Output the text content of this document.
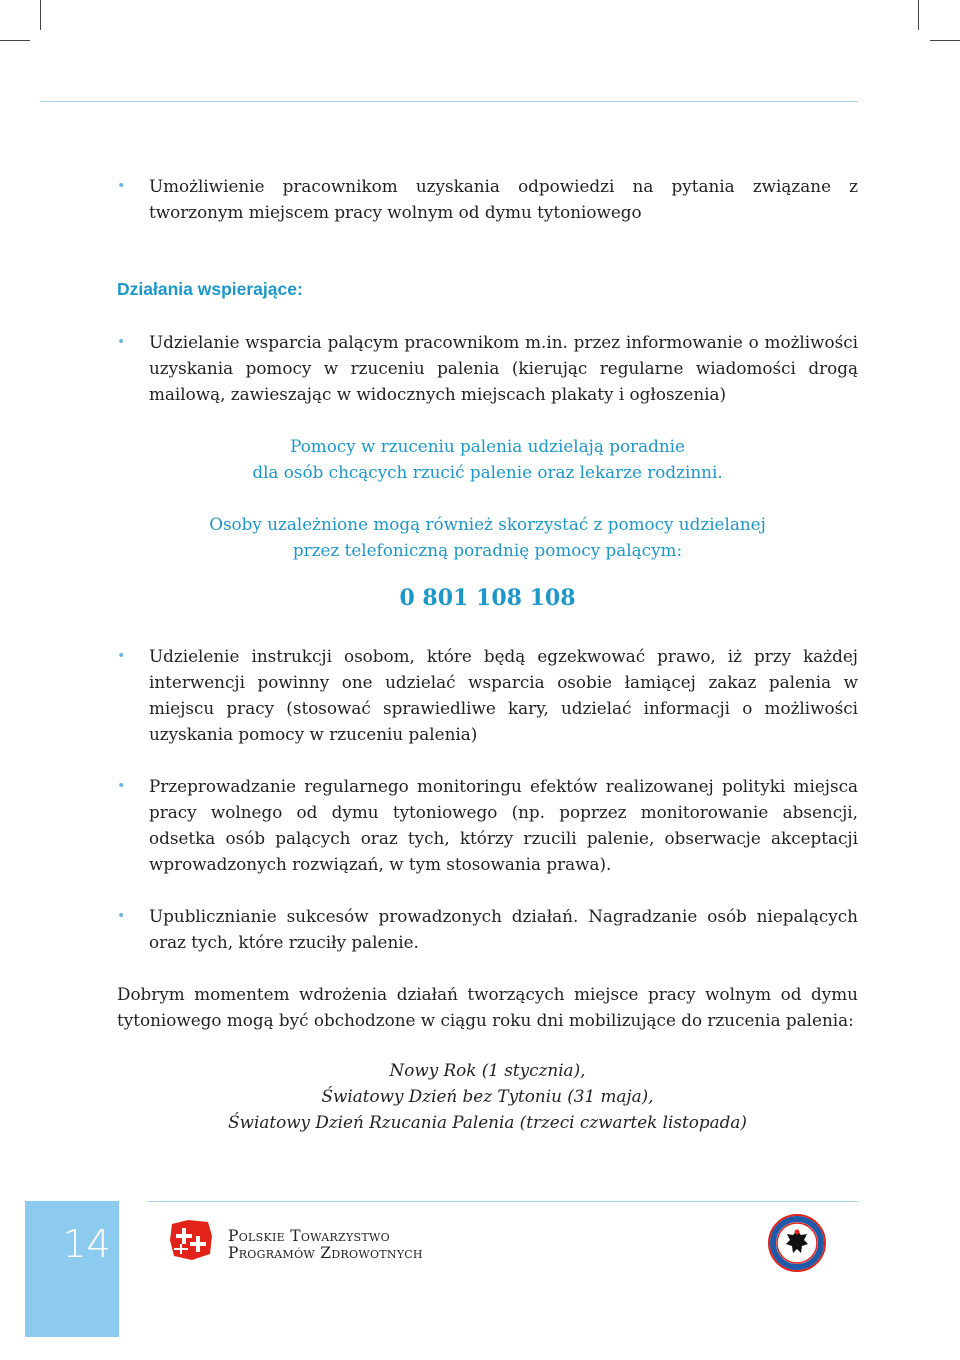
• Umożliwienie pracownikom uzyskania odpowiedzi na pytania związane z tworzonym miejscem pracy wolnym od dymu tytoniowego

Działania wspierające:
• Udzielanie wsparcia palącym pracownikom m.in. przez informowanie o możliwości uzyskania pomocy w rzuceniu palenia (kierując regularne wiadomości drogą mailową, zawieszając w widocznych miejscach plakaty i ogłoszenia)

Pomocy w rzuceniu palenia udzielają poradnie

dla osób chcących rzucić palenie oraz lekarze rodzinni.

Osoby uzależnione mogą również skorzystać z pomocy udzielanej

przez telefoniczną poradnię pomocy palącym:

0 801 108 108
• Udzielenie instrukcji osobom, które będą egzekwować prawo, iż przy każdej interwencji powinny one udzielać wsparcia osobie łamiącej zakaz palenia w miejscu pracy (stosować sprawiedliwe kary, udzielać informacji o możliwości uzyskania pomocy w rzuceniu palenia)

• Przeprowadzanie regularnego monitoringu efektów realizowanej polityki miejsca pracy wolnego od dymu tytoniowego (np. poprzez monitorowanie absencji, odsetka osób palących oraz tych, którzy rzucili palenie, obserwacje akceptacji wprowadzonych rozwiązań, w tym stosowania prawa).

• Upublicznianie sukcesów prowadzonych działań. Nagradzanie osób niepalących oraz tych, które rzuciły palenie.

Dobrym momentem wdrożenia działań tworzących miejsce pracy wolnym od dymu tytoniowego mogą być obchodzone w ciągu roku dni mobilizujące do rzucenia palenia:

Nowy Rok (1 stycznia),

Światowy Dzień bez Tytoniu (31 maja),

Światowy Dzień Rzucania Palenia (trzeci czwartek listopada)

14	Polskie Towarzystwo
Programów Zdrowotnych
